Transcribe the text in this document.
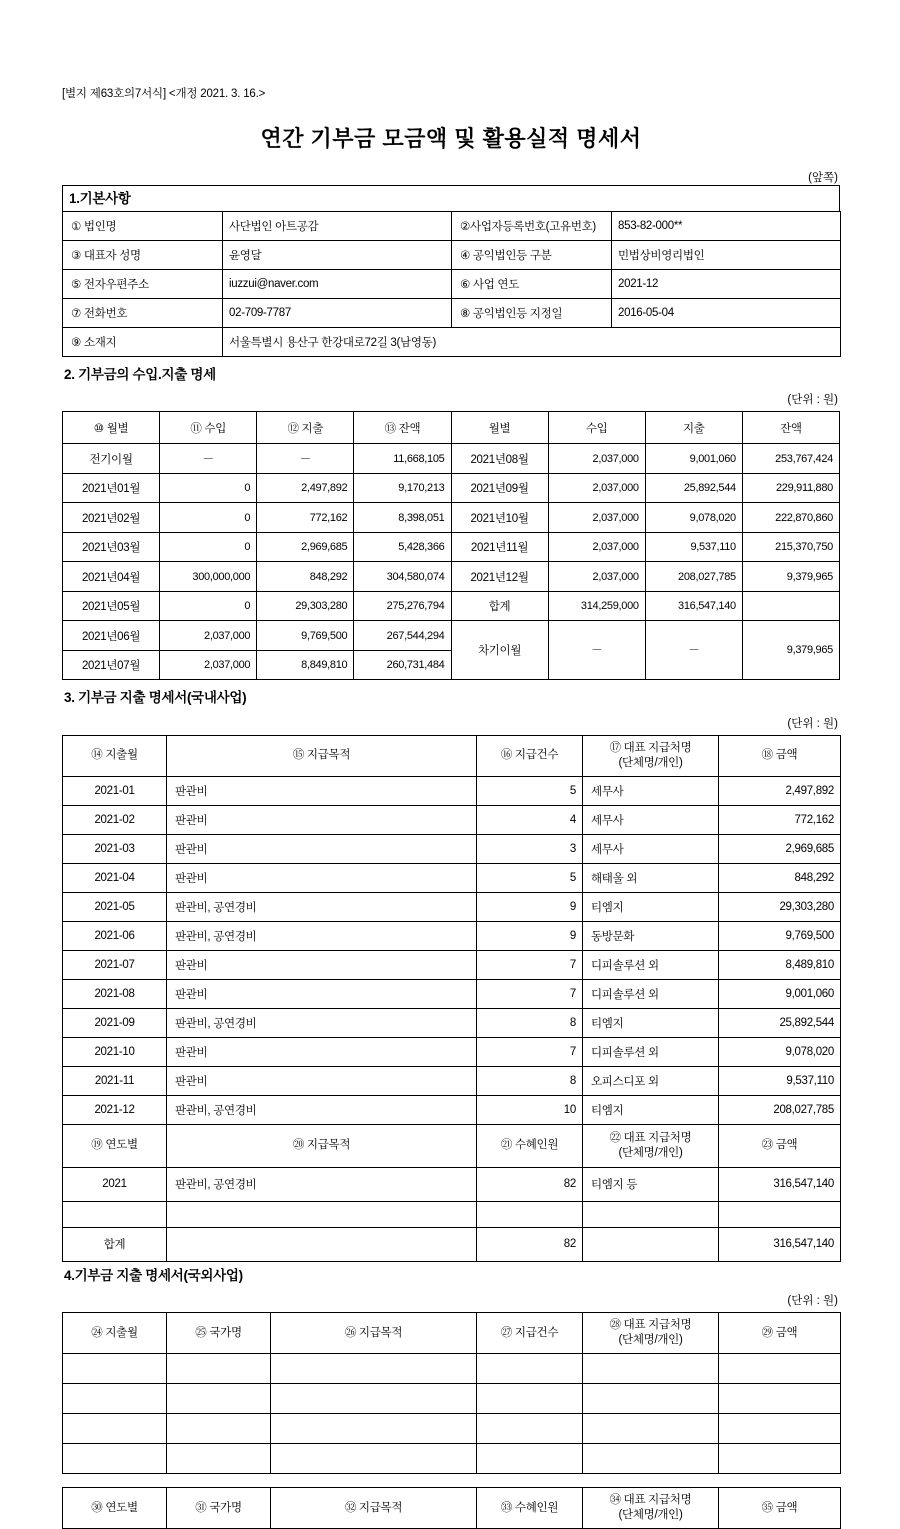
[별지 제63호의7서식] <개정 2021. 3. 16.>
연간 기부금 모금액 및 활용실적 명세서
(앞쪽)
1.기본사항
① 법인명	사단법인 아트공감	②사업자등록번호(고유번호)	853-82-000**
③ 대표자 성명	윤영달	④ 공익법인등 구분	민법상비영리법인
⑤ 전자우편주소	iuzzui@naver.com	⑥ 사업 연도	2021-12
⑦ 전화번호	02-709-7787	⑧ 공익법인등 지정일	2016-05-04
⑨ 소재지	서울특별시 용산구 한강대로72길 3(남영동)		
2. 기부금의 수입.지출 명세
(단위 : 원)
⑩ 월별	⑪ 수입	⑫ 지출	⑬ 잔액	월별	수입	지출	잔액
전기이월	－	－	11,668,105	2021년08월	2,037,000	9,001,060	253,767,424
2021년01월	0	2,497,892	9,170,213	2021년09월	2,037,000	25,892,544	229,911,880
2021년02월	0	772,162	8,398,051	2021년10월	2,037,000	9,078,020	222,870,860
2021년03월	0	2,969,685	5,428,366	2021년11월	2,037,000	9,537,110	215,370,750
2021년04월	300,000,000	848,292	304,580,074	2021년12월	2,037,000	208,027,785	9,379,965
2021년05월	0	29,303,280	275,276,794	합계	314,259,000	316,547,140	
2021년06월	2,037,000	9,769,500	267,544,294	차기이월	－	－	9,379,965
2021년07월	2,037,000	8,849,810	260,731,484				
3. 기부금 지출 명세서(국내사업)
(단위 : 원)
⑭ 지출월	⑮ 지급목적	⑯ 지급건수	⑰ 대표 지급처명
(단체명/개인)	⑱ 금액
2021-01	판관비	5	세무사	2,497,892
2021-02	판관비	4	세무사	772,162
2021-03	판관비	3	세무사	2,969,685
2021-04	판관비	5	해태울 외	848,292
2021-05	판관비, 공연경비	9	티엠지	29,303,280
2021-06	판관비, 공연경비	9	동방문화	9,769,500
2021-07	판관비	7	디피솔루션 외	8,489,810
2021-08	판관비	7	디피솔루션 외	9,001,060
2021-09	판관비, 공연경비	8	티엠지	25,892,544
2021-10	판관비	7	디피솔루션 외	9,078,020
2021-11	판관비	8	오피스디포 외	9,537,110
2021-12	판관비, 공연경비	10	티엠지	208,027,785
⑲ 연도별	⑳ 지급목적	㉑ 수혜인원	㉒ 대표 지급처명
(단체명/개인)	㉓ 금액
2021	판관비, 공연경비	82	티엠지 등	316,547,140

합계		82		316,547,140
4.기부금 지출 명세서(국외사업)
(단위 : 원)
㉔ 지출월	㉕ 국가명	㉖ 지급목적	㉗ 지급건수	㉘ 대표 지급처명
(단체명/개인)	㉙ 금액

㉚ 연도별	㉛ 국가명	㉜ 지급목적	㉝ 수혜인원	㉞ 대표 지급처명
(단체명/개인)	㉟ 금액
